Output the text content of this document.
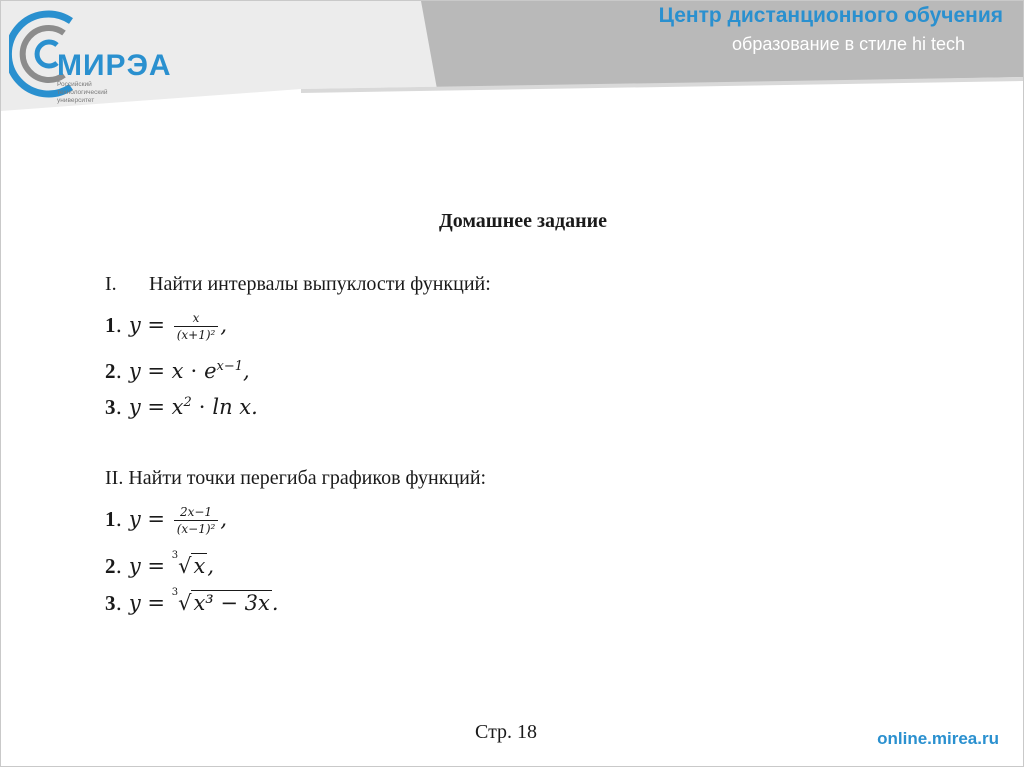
МИРЭА
Российский технологический университет
Центр дистанционного обучения
образование в стиле hi tech
Домашнее задание
I. Найти интервалы выпуклости функций:
1. 𝑦 = $\frac{\text{𝑥}}{\text{(𝑥+1)²}}$ ,
2. 𝑦 = 𝑥 ⋅ 𝑒$^{𝑥-1}$,
3. 𝑦 = 𝑥$^2$ ⋅ ln 𝑥.
II. Найти точки перегиба графиков функций:
1. 𝑦 = $\frac{\text{2𝑥−1}}{\text{(𝑥−1)²}}$ ,
2. 𝑦 = $^3$√𝑥,
3. 𝑦 = $^3$√𝑥³ − 3𝑥.
Стр. 18	online.mirea.ru
